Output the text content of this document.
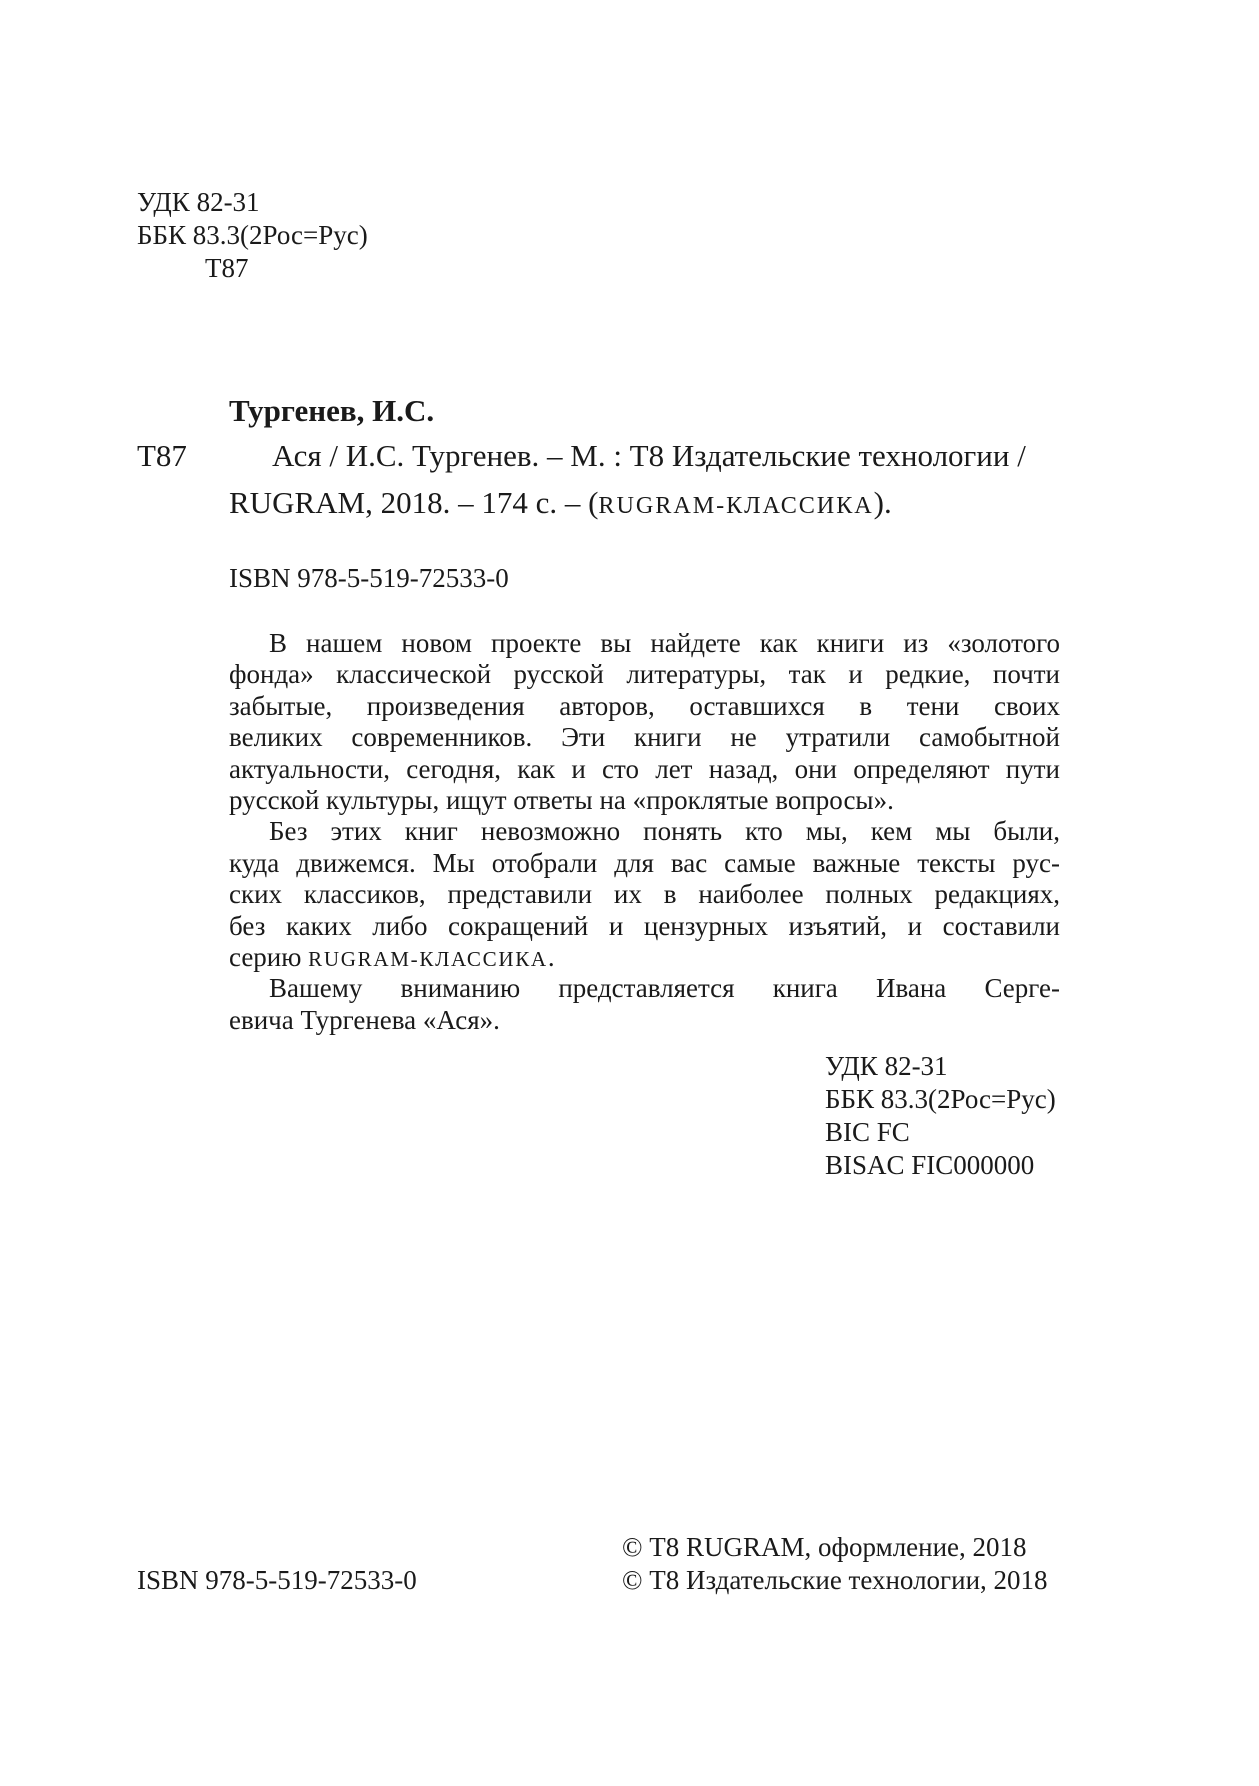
УДК 82-31
ББК 83.3(2Рос=Рус)
Т87
Тургенев, И.С.
Т87	Ася / И.С. Тургенев. – М. : Т8 Издательские технологии /
RUGRAM, 2018. – 174 с. – (RUGRAM-КЛАССИКА).
ISBN 978-5-519-72533-0
В нашем новом проекте вы найдете как книги из «золотого
фонда» классической русской литературы, так и редкие, почти
забытые, произведения авторов, оставшихся в тени своих
великих современников. Эти книги не утратили самобытной
актуальности, сегодня, как и сто лет назад, они определяют пути
русской культуры, ищут ответы на «проклятые вопросы».
Без этих книг невозможно понять кто мы, кем мы были,
куда движемся. Мы отобрали для вас самые важные тексты рус-
ских классиков, представили их в наиболее полных редакциях,
без каких либо сокращений и цензурных изъятий, и составили
серию RUGRAM-КЛАССИКА.
Вашему вниманию представляется книга Ивана Серге-
евича Тургенева «Ася».
УДК 82-31
ББК 83.3(2Рос=Рус)
BIC FC
BISAC FIC000000
© Т8 RUGRAM, оформление, 2018
© Т8 Издательские технологии, 2018
ISBN 978-5-519-72533-0
